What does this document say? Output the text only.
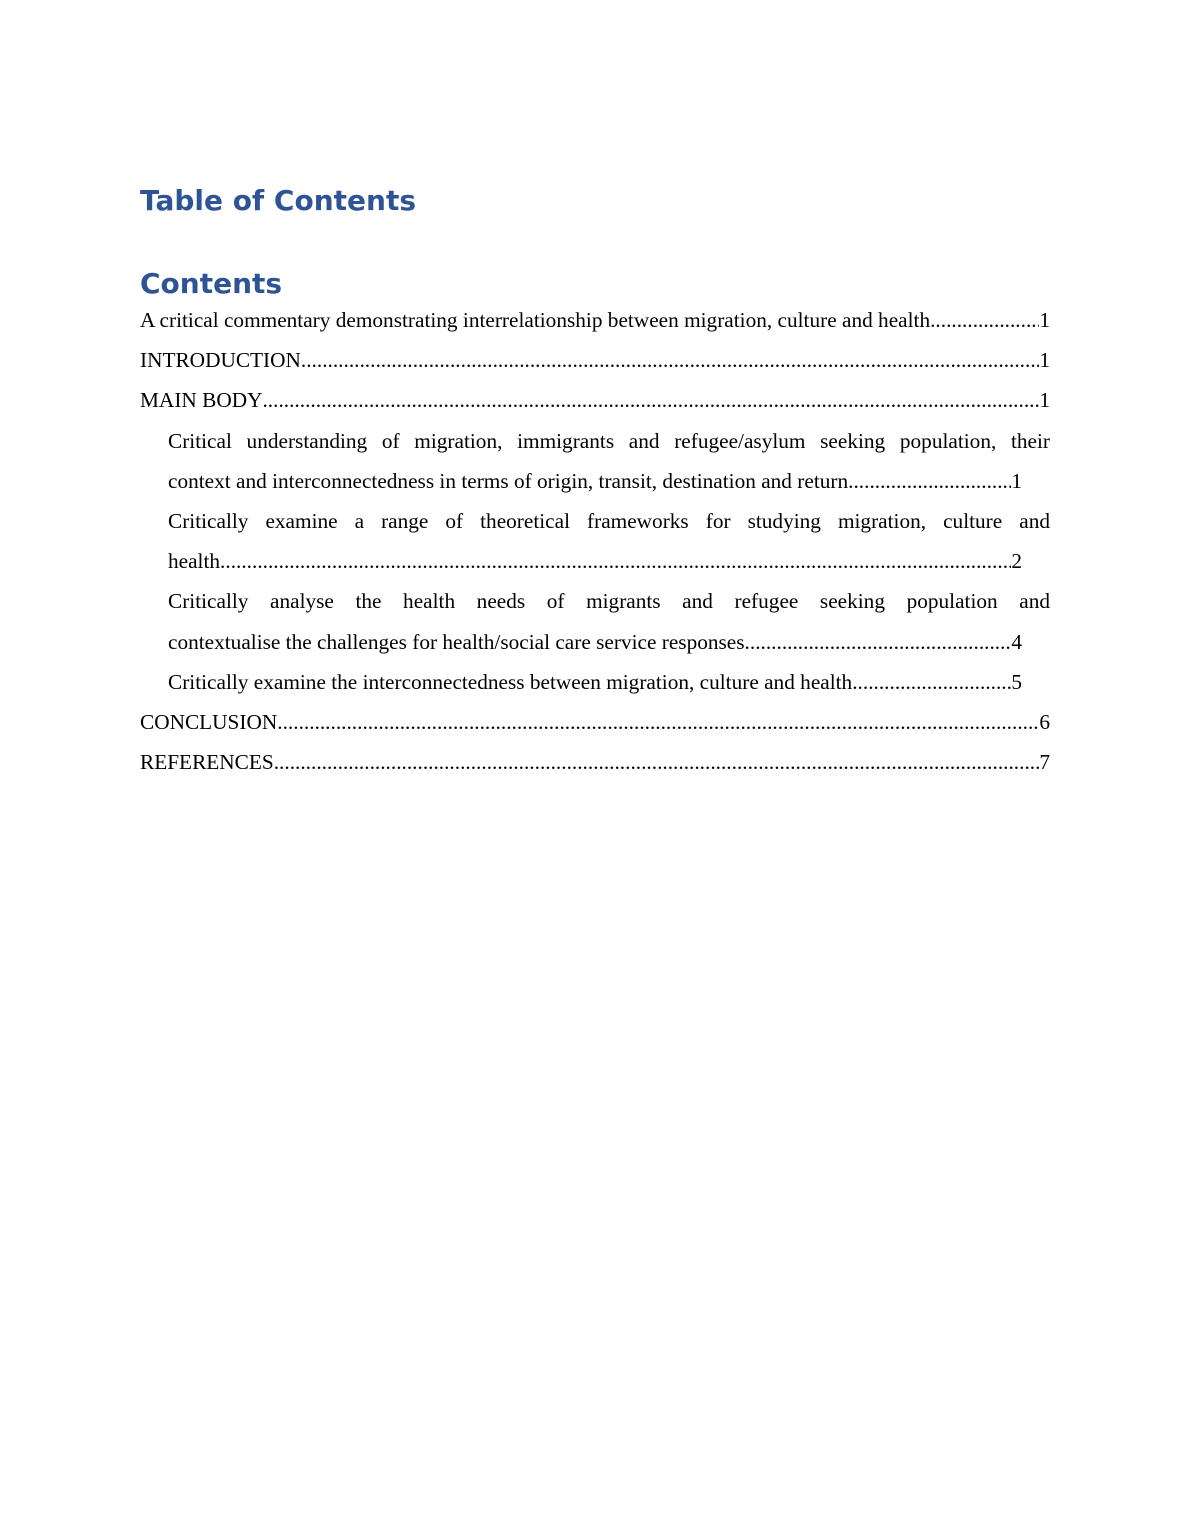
Table of Contents
Contents
A critical commentary demonstrating interrelationship between migration, culture and health .....	1
INTRODUCTION .....	1
MAIN BODY .....	1
Critical understanding of migration, immigrants and refugee/asylum seeking population, their
context and interconnectedness in terms of origin, transit, destination and return .....	1
Critically examine a range of theoretical frameworks for studying migration, culture and
health .....	2
Critically analyse the health needs of migrants and refugee seeking population and
contextualise the challenges for health/social care service responses .....	4
Critically examine the interconnectedness between migration, culture and health .....	5
CONCLUSION .....	6
REFERENCES .....	7
